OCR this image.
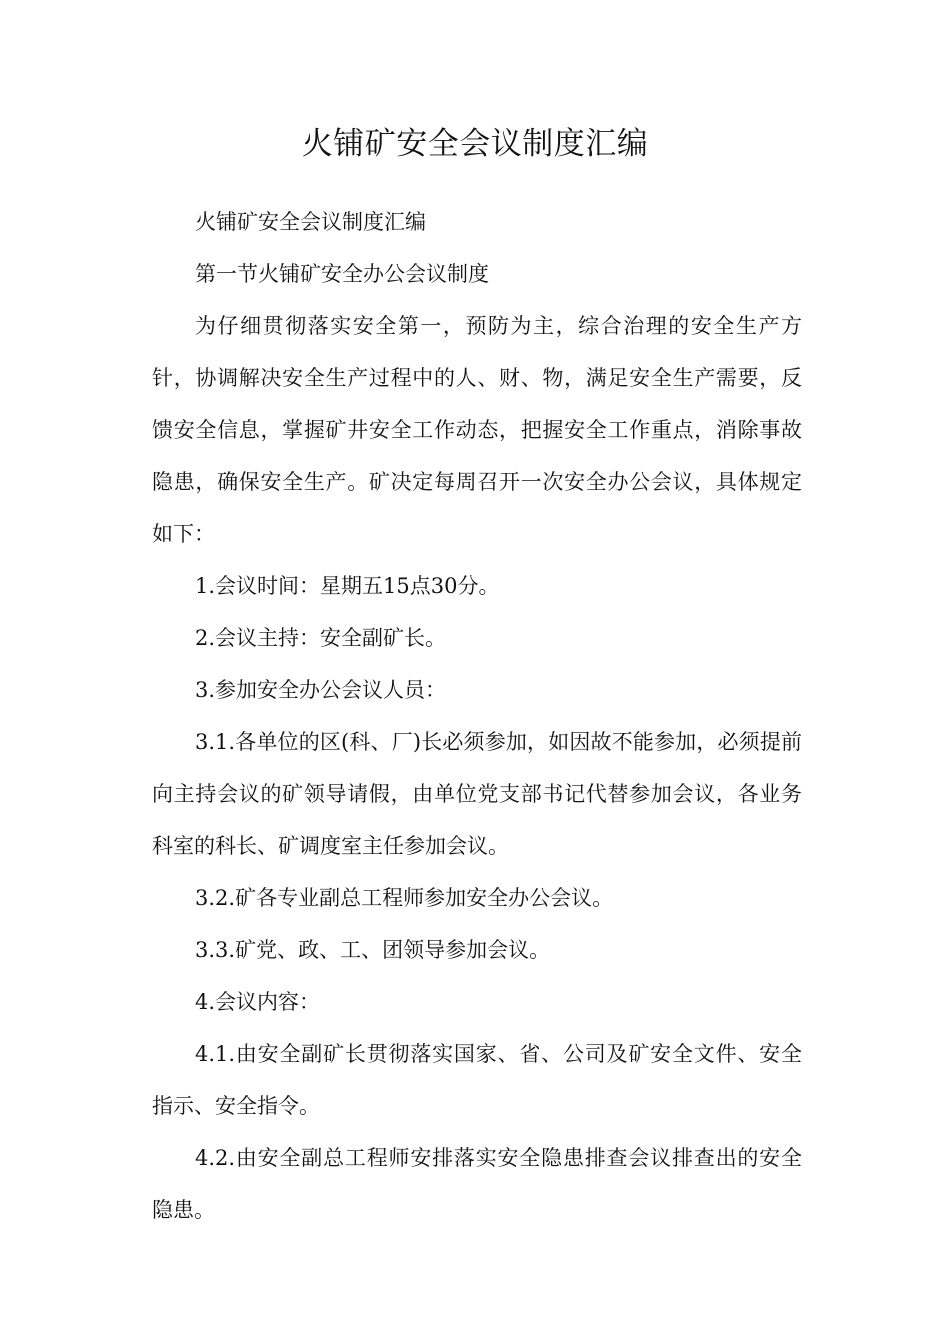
火铺矿安全会议制度汇编

火铺矿安全会议制度汇编

第一节火铺矿安全办公会议制度

为仔细贯彻落实安全第一，预防为主，综合治理的安全生产方针，协调解决安全生产过程中的人、财、物，满足安全生产需要，反馈安全信息，掌握矿井安全工作动态，把握安全工作重点，消除事故隐患，确保安全生产。矿决定每周召开一次安全办公会议，具体规定如下：

1.会议时间：星期五15点30分。

2.会议主持：安全副矿长。

3.参加安全办公会议人员：

3.1.各单位的区(科、厂)长必须参加，如因故不能参加，必须提前向主持会议的矿领导请假，由单位党支部书记代替参加会议，各业务科室的科长、矿调度室主任参加会议。

3.2.矿各专业副总工程师参加安全办公会议。

3.3.矿党、政、工、团领导参加会议。

4.会议内容：

4.1.由安全副矿长贯彻落实国家、省、公司及矿安全文件、安全指示、安全指令。

4.2.由安全副总工程师安排落实安全隐患排查会议排查出的安全隐患。
